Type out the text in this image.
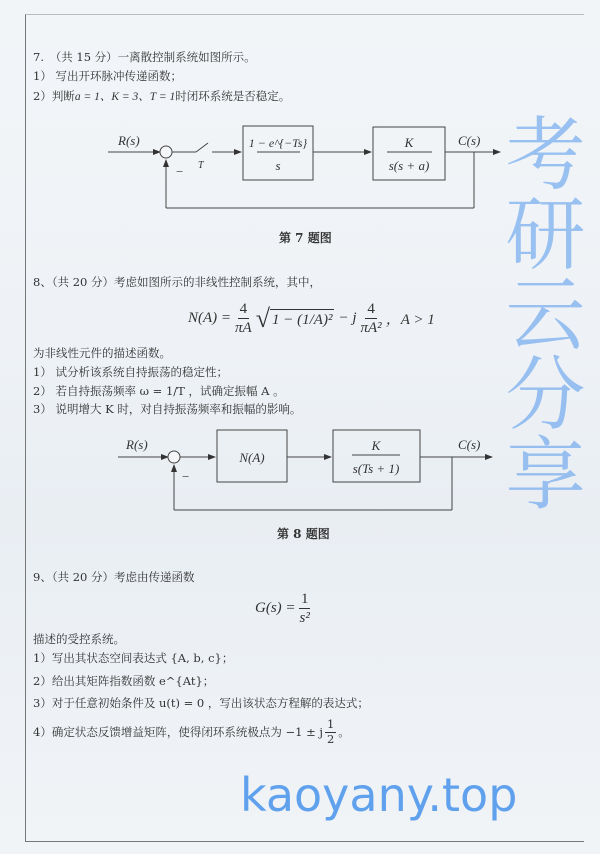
考研云分享
kaoyany.top
7.　（共 15 分）一离散控制系统如图所示。
1） 写出开环脉冲传递函数；
2）判断a = 1、K = 3、T = 1时闭环系统是否稳定。
R(s)
T
−
1 − e^{−Ts}
s
K
s(s + a)
C(s)
R(s)
−
N(A)
K
s(Ts + 1)
C(s)
第 7 题图
8、（共 20 分）考虑如图所示的非线性控制系统，其中，
$N(A) = \frac{4}{\pi A}$ √ 1 − (1/A)² − j $\frac{4}{\text{πA²}}$ ，A > 1
为非线性元件的描述函数。
1） 试分析该系统自持振荡的稳定性；
2） 若自持振荡频率 ω = 1/T ，试确定振幅 A 。
3） 说明增大 K 时，对自持振荡频率和振幅的影响。
第 8 题图
9、（共 20 分）考虑由传递函数
$G(s) = \frac{1}{\text{s²}}$
描述的受控系统。
1）写出其状态空间表达式 {A, b, c}；
2）给出其矩阵指数函数 e^{At}；
3）对于任意初始条件及 u(t) = 0 ，写出该状态方程解的表达式；
4）确定状态反馈增益矩阵，使得闭环系统极点为 −1 ± j $\frac{1}{2}$ 。
